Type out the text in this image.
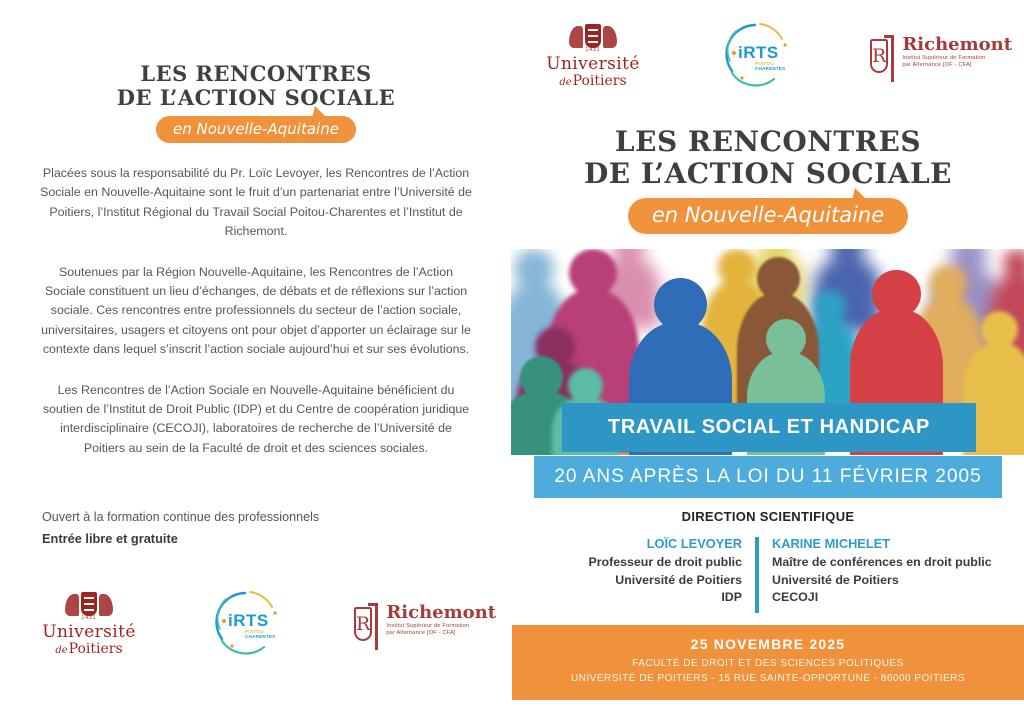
LES RENCONTRES
DE L’ACTION SOCIALE
en Nouvelle-Aquitaine

Placées sous la responsabilité du Pr. Loïc Levoyer, les Rencontres de l’Action Sociale en Nouvelle-Aquitaine sont le fruit d’un partenariat entre l’Université de Poitiers, l’Institut Régional du Travail Social Poitou-Charentes et l’Institut de Richemont.

Soutenues par la Région Nouvelle-Aquitaine, les Rencontres de l’Action Sociale constituent un lieu d’échanges, de débats et de réflexions sur l’action sociale. Ces rencontres entre professionnels du secteur de l’action sociale, universitaires, usagers et citoyens ont pour objet d’apporter un éclairage sur le contexte dans lequel s’inscrit l’action sociale aujourd’hui et sur ses évolutions.

Les Rencontres de l’Action Sociale en Nouvelle-Aquitaine bénéficient du soutien de l’Institut de Droit Public (IDP) et du Centre de coopération juridique interdisciplinaire (CECOJI), laboratoires de recherche de l’Université de Poitiers au sein de la Faculté de droit et des sciences sociales.

Ouvert à la formation continue des professionnels

Entrée libre et gratuite

1431
Université
dePoitiers
iRTS
POITOU
CHARENTES
R
Richemont
Institut Supérieur de Formation
par Alternance [OF - CFA]
1431
Université
dePoitiers
iRTS
POITOU
CHARENTES
R
Richemont
Institut Supérieur de Formation
par Alternance [OF - CFA]
LES RENCONTRES
DE L’ACTION SOCIALE
en Nouvelle-Aquitaine
TRAVAIL SOCIAL ET HANDICAP
20 ANS APRÈS LA LOI DU 11 FÉVRIER 2005
DIRECTION SCIENTIFIQUE
LOÏC LEVOYER
Professeur de droit public
Université de Poitiers
IDP
KARINE MICHELET
Maître de conférences en droit public
Université de Poitiers
CECOJI
25 NOVEMBRE 2025
FACULTÉ DE DROIT ET DES SCIENCES POLITIQUES
UNIVERSITÉ DE POITIERS - 15 RUE SAINTE-OPPORTUNE - 86000 POITIERS
